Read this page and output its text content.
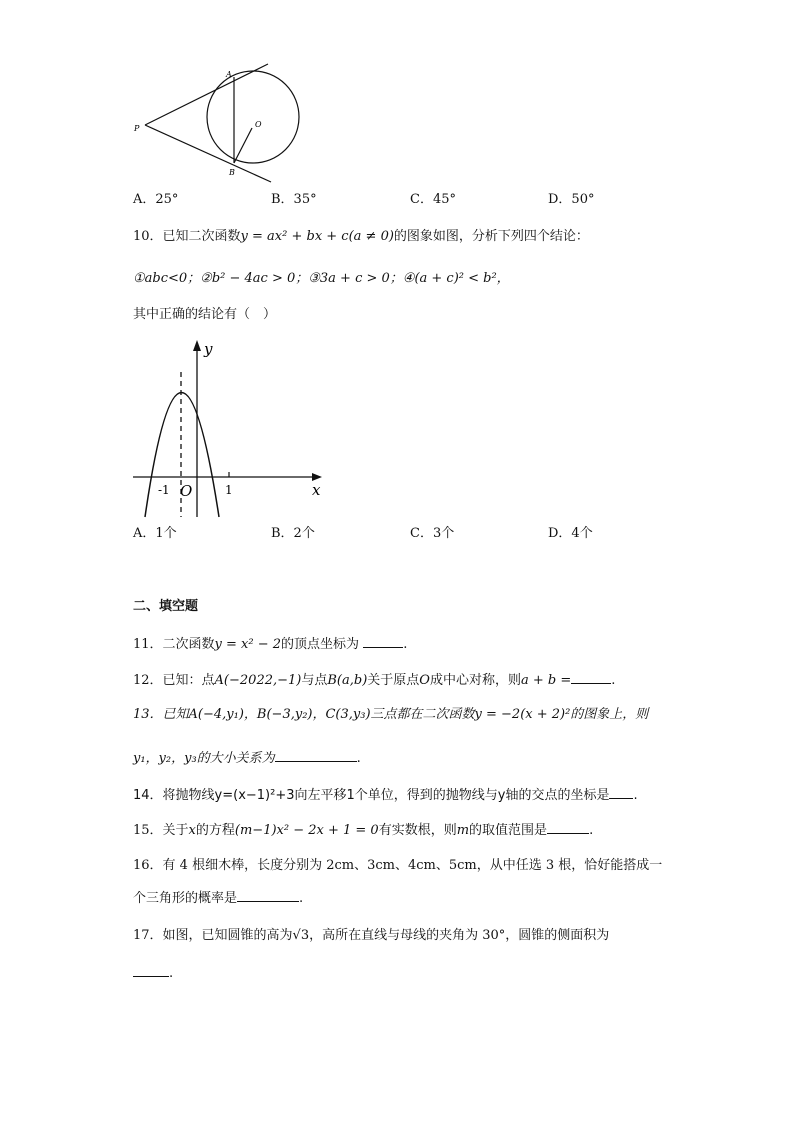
A
B
P	O
A．25°	B．35°	C．45°	D．50°
10．已知二次函数y = ax² + bx + c(a ≠ 0)的图象如图，分析下列四个结论：
①abc<0；②b² − 4ac > 0；③3a + c > 0；④(a + c)² < b²，
其中正确的结论有（　）
y
x
O
-1	1
A．1个	B．2个	C．3个	D．4个
二、填空题
11．二次函数y = x² − 2的顶点坐标为	.
12．已知：点A(−2022,−1)与点B(a,b)关于原点O成中心对称，则a + b =	.
13．已知A(−4,y₁)，B(−3,y₂)，C(3,y₃)三点都在二次函数y = −2(x + 2)²的图象上，则
y₁，y₂，y₃的大小关系为	.
14．将抛物线y=(x−1)²+3向左平移1个单位，得到的抛物线与y轴的交点的坐标是 .
15．关于x的方程(m−1)x² − 2x + 1 = 0有实数根，则m的取值范围是	.
16．有 4 根细木棒，长度分别为 2cm、3cm、4cm、5cm，从中任选 3 根，恰好能搭成一
个三角形的概率是	.
17．如图，已知圆锥的高为√3，高所在直线与母线的夹角为 30°，圆锥的侧面积为
.
